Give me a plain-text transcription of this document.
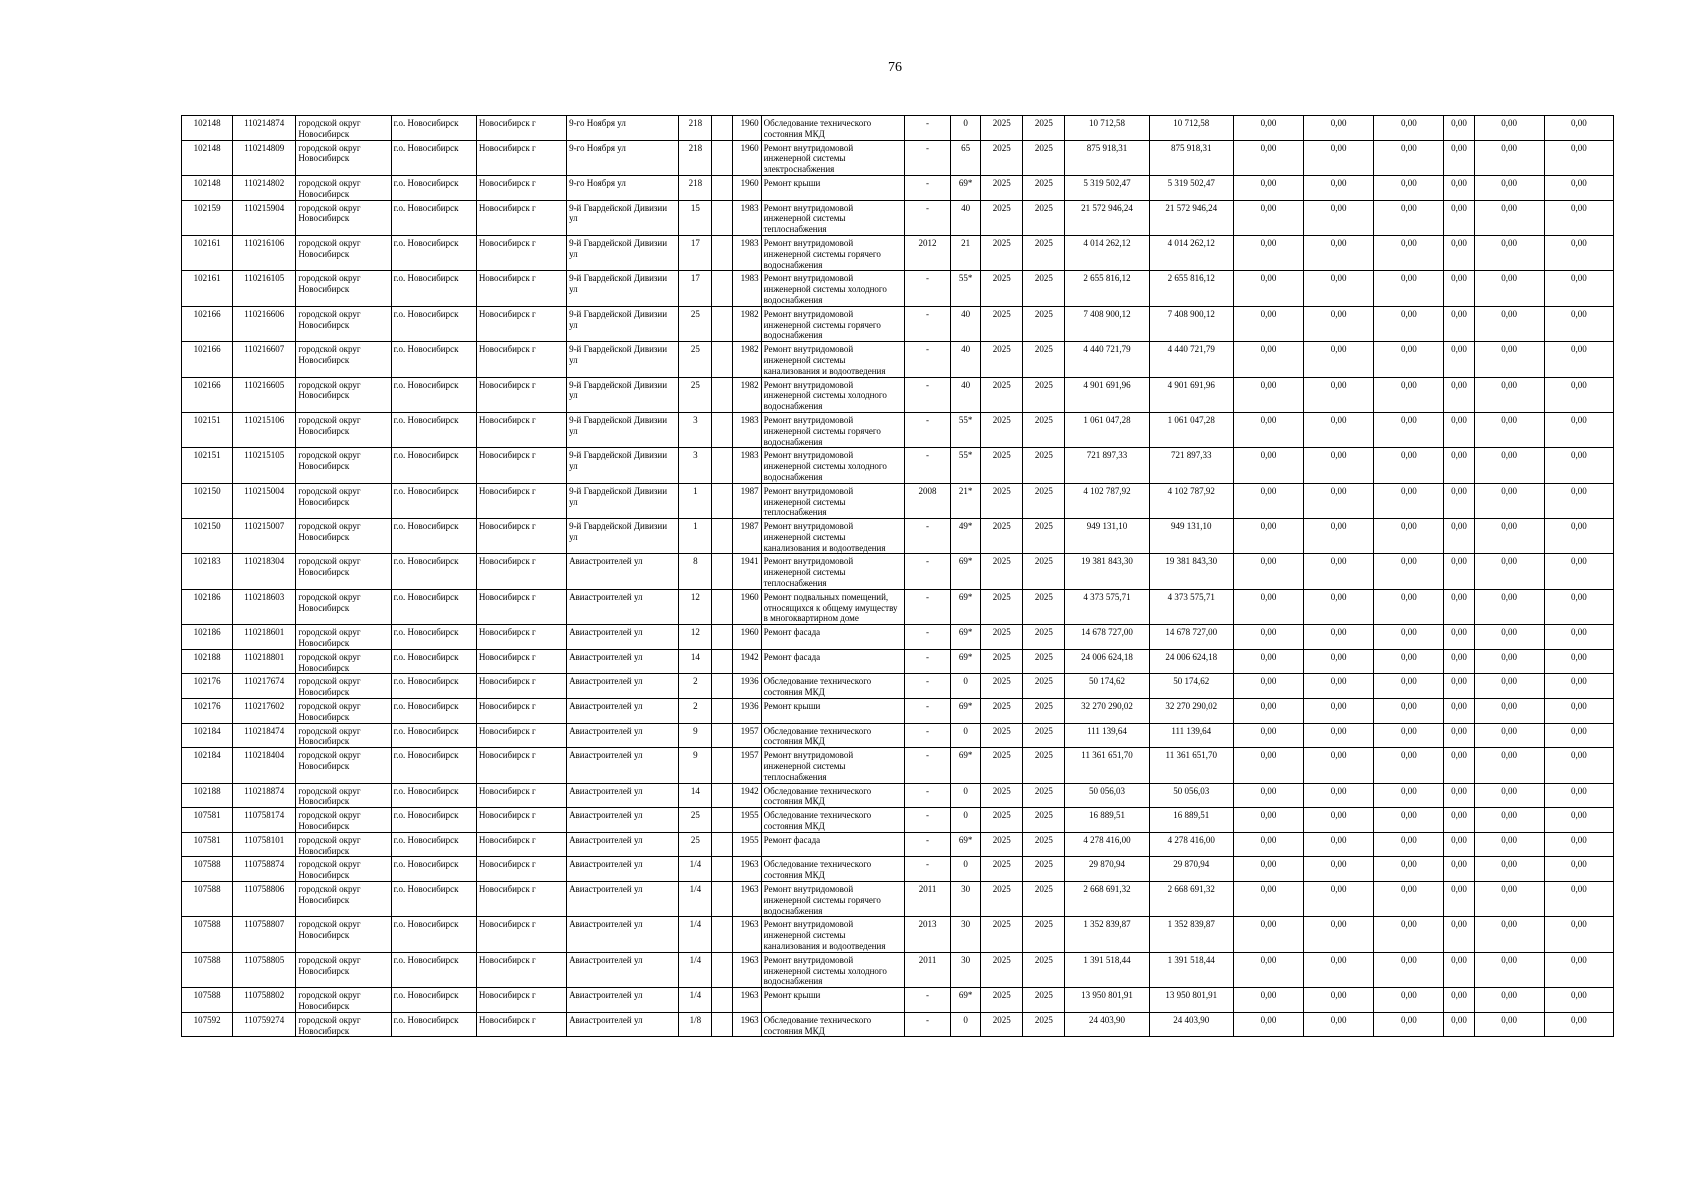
76
102148	110214874	городской округ Новосибирск	г.о. Новосибирск	Новосибирск г	9-го Ноября ул	218		1960	Обследование технического состояния МКД	-	0	2025	2025	10 712,58	10 712,58	0,00	0,00	0,00	0,00	0,00	0,00
102148	110214809	городской округ Новосибирск	г.о. Новосибирск	Новосибирск г	9-го Ноября ул	218		1960	Ремонт внутридомовой инженерной системы электроснабжения	-	65	2025	2025	875 918,31	875 918,31	0,00	0,00	0,00	0,00	0,00	0,00
102148	110214802	городской округ Новосибирск	г.о. Новосибирск	Новосибирск г	9-го Ноября ул	218		1960	Ремонт крыши	-	69*	2025	2025	5 319 502,47	5 319 502,47	0,00	0,00	0,00	0,00	0,00	0,00
102159	110215904	городской округ Новосибирск	г.о. Новосибирск	Новосибирск г	9-й Гвардейской Дивизии ул	15		1983	Ремонт внутридомовой инженерной системы теплоснабжения	-	40	2025	2025	21 572 946,24	21 572 946,24	0,00	0,00	0,00	0,00	0,00	0,00
102161	110216106	городской округ Новосибирск	г.о. Новосибирск	Новосибирск г	9-й Гвардейской Дивизии ул	17		1983	Ремонт внутридомовой инженерной системы горячего водоснабжения	2012	21	2025	2025	4 014 262,12	4 014 262,12	0,00	0,00	0,00	0,00	0,00	0,00
102161	110216105	городской округ Новосибирск	г.о. Новосибирск	Новосибирск г	9-й Гвардейской Дивизии ул	17		1983	Ремонт внутридомовой инженерной системы холодного водоснабжения	-	55*	2025	2025	2 655 816,12	2 655 816,12	0,00	0,00	0,00	0,00	0,00	0,00
102166	110216606	городской округ Новосибирск	г.о. Новосибирск	Новосибирск г	9-й Гвардейской Дивизии ул	25		1982	Ремонт внутридомовой инженерной системы горячего водоснабжения	-	40	2025	2025	7 408 900,12	7 408 900,12	0,00	0,00	0,00	0,00	0,00	0,00
102166	110216607	городской округ Новосибирск	г.о. Новосибирск	Новосибирск г	9-й Гвардейской Дивизии ул	25		1982	Ремонт внутридомовой инженерной системы канализования и водоотведения	-	40	2025	2025	4 440 721,79	4 440 721,79	0,00	0,00	0,00	0,00	0,00	0,00
102166	110216605	городской округ Новосибирск	г.о. Новосибирск	Новосибирск г	9-й Гвардейской Дивизии ул	25		1982	Ремонт внутридомовой инженерной системы холодного водоснабжения	-	40	2025	2025	4 901 691,96	4 901 691,96	0,00	0,00	0,00	0,00	0,00	0,00
102151	110215106	городской округ Новосибирск	г.о. Новосибирск	Новосибирск г	9-й Гвардейской Дивизии ул	3		1983	Ремонт внутридомовой инженерной системы горячего водоснабжения	-	55*	2025	2025	1 061 047,28	1 061 047,28	0,00	0,00	0,00	0,00	0,00	0,00
102151	110215105	городской округ Новосибирск	г.о. Новосибирск	Новосибирск г	9-й Гвардейской Дивизии ул	3		1983	Ремонт внутридомовой инженерной системы холодного водоснабжения	-	55*	2025	2025	721 897,33	721 897,33	0,00	0,00	0,00	0,00	0,00	0,00
102150	110215004	городской округ Новосибирск	г.о. Новосибирск	Новосибирск г	9-й Гвардейской Дивизии ул	1		1987	Ремонт внутридомовой инженерной системы теплоснабжения	2008	21*	2025	2025	4 102 787,92	4 102 787,92	0,00	0,00	0,00	0,00	0,00	0,00
102150	110215007	городской округ Новосибирск	г.о. Новосибирск	Новосибирск г	9-й Гвардейской Дивизии ул	1		1987	Ремонт внутридомовой инженерной системы канализования и водоотведения	-	49*	2025	2025	949 131,10	949 131,10	0,00	0,00	0,00	0,00	0,00	0,00
102183	110218304	городской округ Новосибирск	г.о. Новосибирск	Новосибирск г	Авиастроителей ул	8		1941	Ремонт внутридомовой инженерной системы теплоснабжения	-	69*	2025	2025	19 381 843,30	19 381 843,30	0,00	0,00	0,00	0,00	0,00	0,00
102186	110218603	городской округ Новосибирск	г.о. Новосибирск	Новосибирск г	Авиастроителей ул	12		1960	Ремонт подвальных помещений, относящихся к общему имуществу в многоквартирном доме	-	69*	2025	2025	4 373 575,71	4 373 575,71	0,00	0,00	0,00	0,00	0,00	0,00
102186	110218601	городской округ Новосибирск	г.о. Новосибирск	Новосибирск г	Авиастроителей ул	12		1960	Ремонт фасада	-	69*	2025	2025	14 678 727,00	14 678 727,00	0,00	0,00	0,00	0,00	0,00	0,00
102188	110218801	городской округ Новосибирск	г.о. Новосибирск	Новосибирск г	Авиастроителей ул	14		1942	Ремонт фасада	-	69*	2025	2025	24 006 624,18	24 006 624,18	0,00	0,00	0,00	0,00	0,00	0,00
102176	110217674	городской округ Новосибирск	г.о. Новосибирск	Новосибирск г	Авиастроителей ул	2		1936	Обследование технического состояния МКД	-	0	2025	2025	50 174,62	50 174,62	0,00	0,00	0,00	0,00	0,00	0,00
102176	110217602	городской округ Новосибирск	г.о. Новосибирск	Новосибирск г	Авиастроителей ул	2		1936	Ремонт крыши	-	69*	2025	2025	32 270 290,02	32 270 290,02	0,00	0,00	0,00	0,00	0,00	0,00
102184	110218474	городской округ Новосибирск	г.о. Новосибирск	Новосибирск г	Авиастроителей ул	9		1957	Обследование технического состояния МКД	-	0	2025	2025	111 139,64	111 139,64	0,00	0,00	0,00	0,00	0,00	0,00
102184	110218404	городской округ Новосибирск	г.о. Новосибирск	Новосибирск г	Авиастроителей ул	9		1957	Ремонт внутридомовой инженерной системы теплоснабжения	-	69*	2025	2025	11 361 651,70	11 361 651,70	0,00	0,00	0,00	0,00	0,00	0,00
102188	110218874	городской округ Новосибирск	г.о. Новосибирск	Новосибирск г	Авиастроителей ул	14		1942	Обследование технического состояния МКД	-	0	2025	2025	50 056,03	50 056,03	0,00	0,00	0,00	0,00	0,00	0,00
107581	110758174	городской округ Новосибирск	г.о. Новосибирск	Новосибирск г	Авиастроителей ул	25		1955	Обследование технического состояния МКД	-	0	2025	2025	16 889,51	16 889,51	0,00	0,00	0,00	0,00	0,00	0,00
107581	110758101	городской округ Новосибирск	г.о. Новосибирск	Новосибирск г	Авиастроителей ул	25		1955	Ремонт фасада	-	69*	2025	2025	4 278 416,00	4 278 416,00	0,00	0,00	0,00	0,00	0,00	0,00
107588	110758874	городской округ Новосибирск	г.о. Новосибирск	Новосибирск г	Авиастроителей ул	1/4		1963	Обследование технического состояния МКД	-	0	2025	2025	29 870,94	29 870,94	0,00	0,00	0,00	0,00	0,00	0,00
107588	110758806	городской округ Новосибирск	г.о. Новосибирск	Новосибирск г	Авиастроителей ул	1/4		1963	Ремонт внутридомовой инженерной системы горячего водоснабжения	2011	30	2025	2025	2 668 691,32	2 668 691,32	0,00	0,00	0,00	0,00	0,00	0,00
107588	110758807	городской округ Новосибирск	г.о. Новосибирск	Новосибирск г	Авиастроителей ул	1/4		1963	Ремонт внутридомовой инженерной системы канализования и водоотведения	2013	30	2025	2025	1 352 839,87	1 352 839,87	0,00	0,00	0,00	0,00	0,00	0,00
107588	110758805	городской округ Новосибирск	г.о. Новосибирск	Новосибирск г	Авиастроителей ул	1/4		1963	Ремонт внутридомовой инженерной системы холодного водоснабжения	2011	30	2025	2025	1 391 518,44	1 391 518,44	0,00	0,00	0,00	0,00	0,00	0,00
107588	110758802	городской округ Новосибирск	г.о. Новосибирск	Новосибирск г	Авиастроителей ул	1/4		1963	Ремонт крыши	-	69*	2025	2025	13 950 801,91	13 950 801,91	0,00	0,00	0,00	0,00	0,00	0,00
107592	110759274	городской округ Новосибирск	г.о. Новосибирск	Новосибирск г	Авиастроителей ул	1/8		1963	Обследование технического состояния МКД	-	0	2025	2025	24 403,90	24 403,90	0,00	0,00	0,00	0,00	0,00	0,00
